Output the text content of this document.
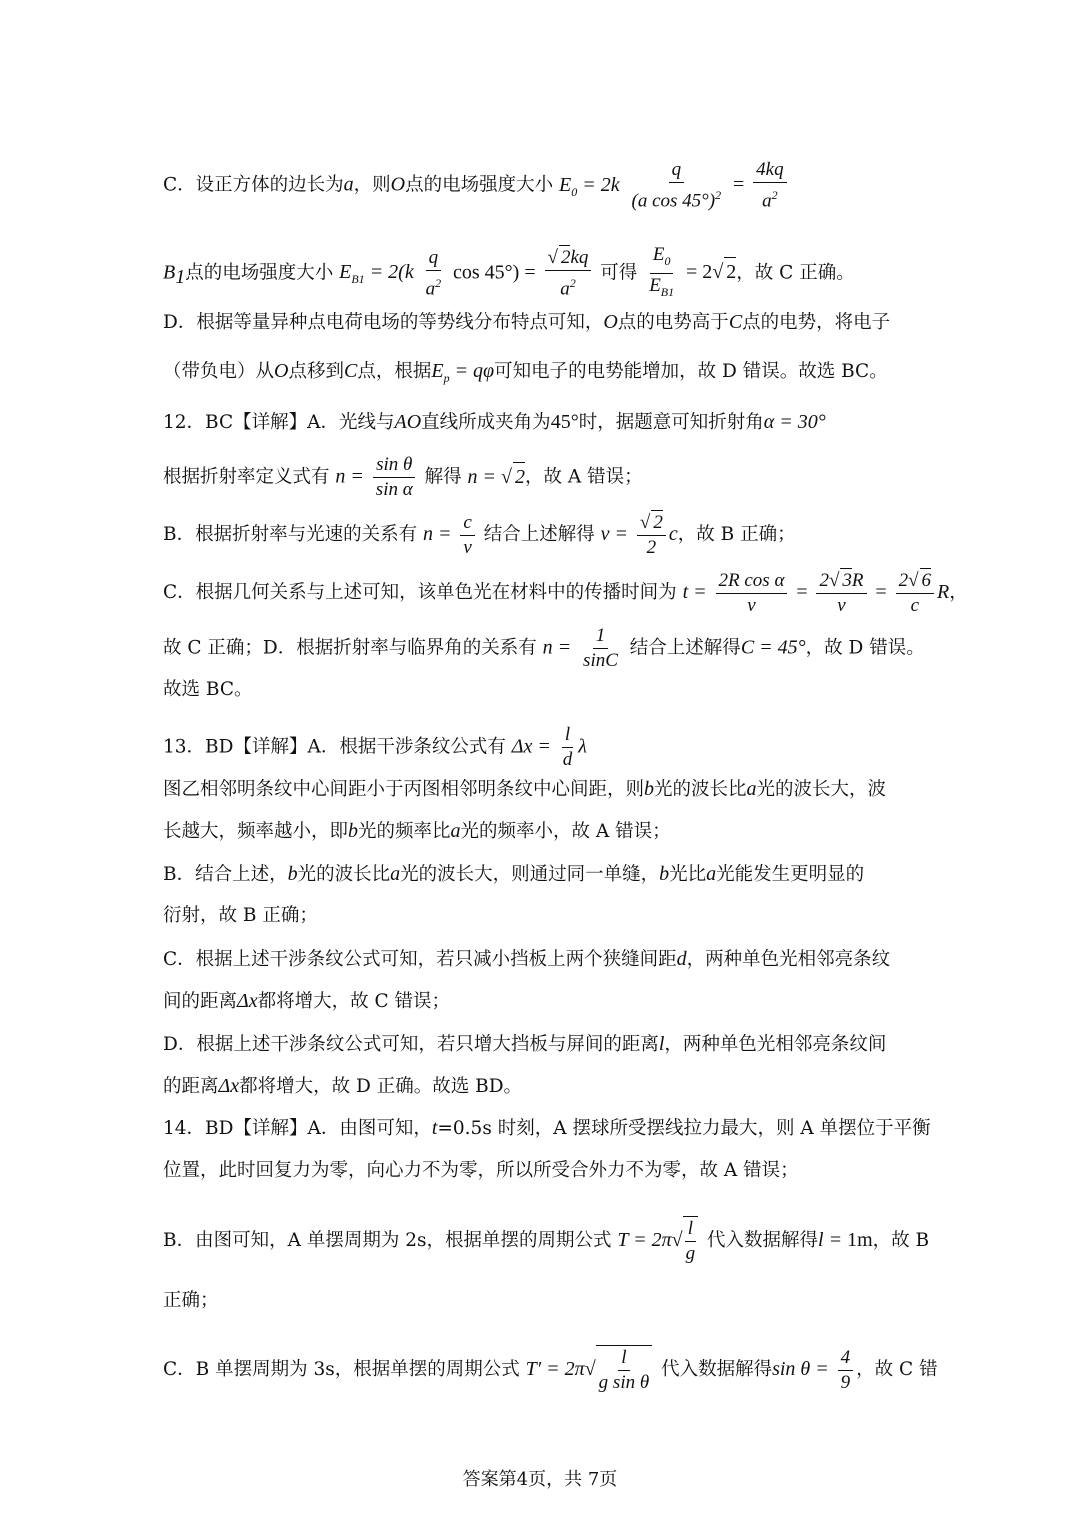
C．设正方体的边长为a，则O点的电场强度大小 $E_0 = 2k \frac{q}{(a \cos 45^\circ)^2} = \frac{4kq}{a^2}$
$B_1$点的电场强度大小 $E_{B1} = 2(k \frac{q}{a^2}$ $\cos 45^\circ) = \frac{√ 2kq}{a^2}$ 可得 $\frac{E_0}{E_{B1}} = 2√$ 2，故 C 正确。
D．根据等量异种点电荷电场的等势线分布特点可知，O点的电势高于C点的电势，将电子
（带负电）从O点移到C点，根据$E_p = q\varphi$可知电子的电势能增加，故 D 错误。故选 BC。
12．BC【详解】A．光线与AO直线所成夹角为45°时，据题意可知折射角α = 30°
根据折射率定义式有 $n = \frac{\text{sin θ}}{\text{sin α}}$ 解得 n = √ 2，故 A 错误；
B．根据折射率与光速的关系有 $n = \frac{c}{v}$ 结合上述解得 $v = \frac{√ 2}{2}$ c，故 B 正确；
C．根据几何关系与上述可知，该单色光在材料中的传播时间为 $t = \frac{\text{2R cos α}}{v} = \frac{2√ 3R}{v} = \frac{2√ 6}{c}$ R，
故 C 正确；D．根据折射率与临界角的关系有 $n = \frac{1}{\sin C}$ 结合上述解得C = 45°，故 D 错误。
故选 BC。
13．BD【详解】A．根据干涉条纹公式有 $\Delta x = \frac{l}{d}$ λ
图乙相邻明条纹中心间距小于丙图相邻明条纹中心间距，则b光的波长比a光的波长大，波
长越大，频率越小，即b光的频率比a光的频率小，故 A 错误；
B．结合上述，b光的波长比a光的波长大，则通过同一单缝，b光比a光能发生更明显的
衍射，故 B 正确；
C．根据上述干涉条纹公式可知，若只减小挡板上两个狭缝间距d，两种单色光相邻亮条纹
间的距离Δx都将增大，故 C 错误；
D．根据上述干涉条纹公式可知，若只增大挡板与屏间的距离l，两种单色光相邻亮条纹间
的距离Δx都将增大，故 D 正确。故选 BD。
14．BD【详解】A．由图可知，t=0.5s 时刻，A 摆球所受摆线拉力最大，则 A 单摆位于平衡
位置，此时回复力为零，向心力不为零，所以所受合外力不为零，故 A 错误；
B．由图可知，A 单摆周期为 2s，根据单摆的周期公式 $T = 2\pi√ \frac{l}{g}$ 代入数据解得l = 1m，故 B
正确；
C．B 单摆周期为 3s，根据单摆的周期公式 $T' = 2\pi√ \frac{l}{\text{g sin θ}}$ 代入数据解得$\sin \theta = \frac{4}{9}$ ，故 C 错
答案第4页，共 7页
